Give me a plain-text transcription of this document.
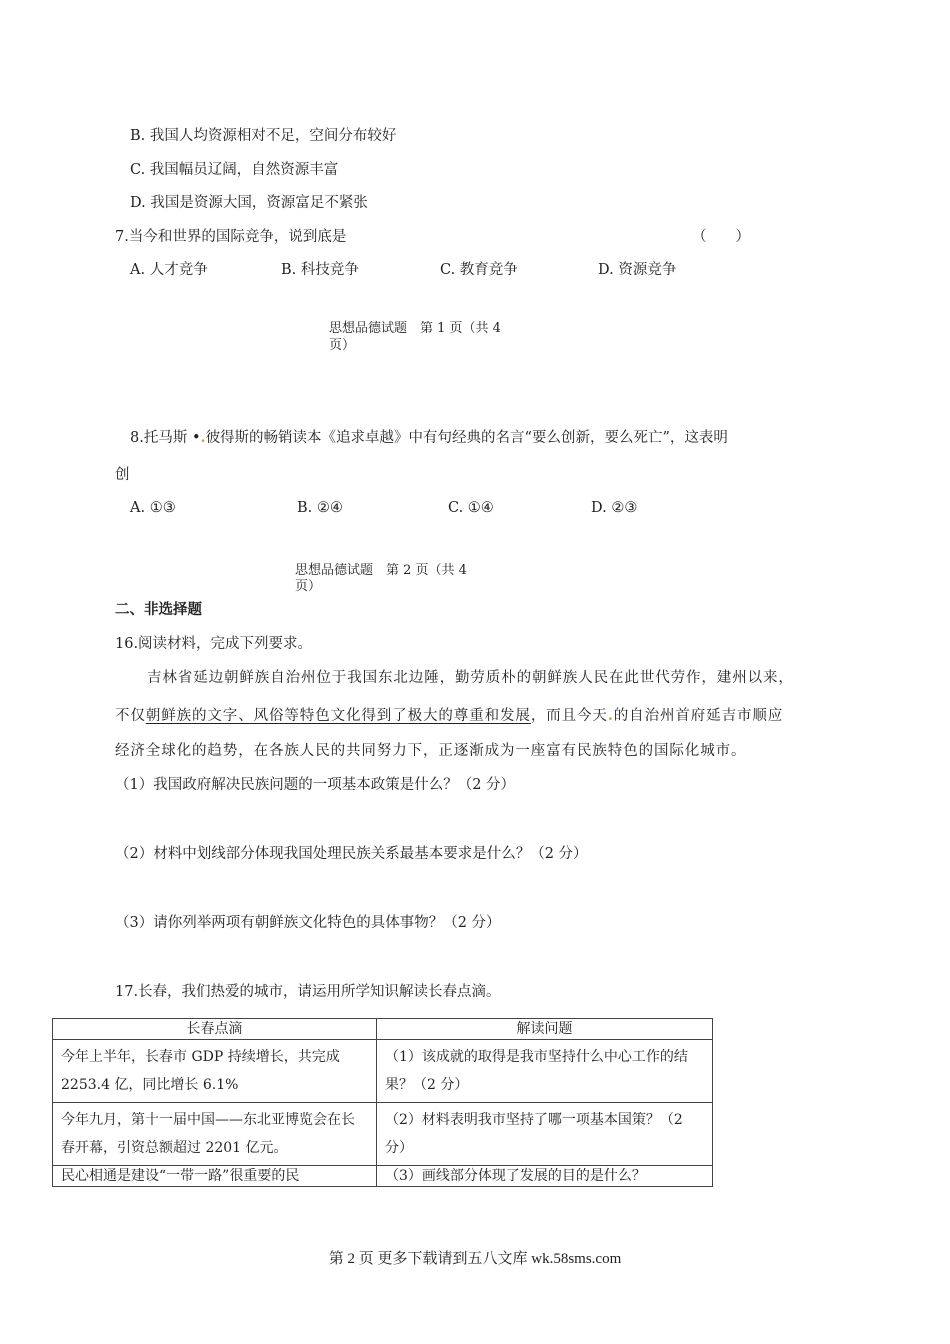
B. 我国人均资源相对不足，空间分布较好
C. 我国幅员辽阔，自然资源丰富
D. 我国是资源大国，资源富足不紧张
7.当今和世界的国际竞争，说到底是	（　　）
A. 人才竞争	B. 科技竞争	C. 教育竞争	D. 资源竞争
思想品德试题　第 1 页（共 4
页）
8.托马斯 •.彼得斯的畅销读本《追求卓越》中有句经典的名言“要么创新，要么死亡”，这表明
创
A. ①③	B. ②④	C. ①④	D. ②③
思想品德试题　第 2 页（共 4
页）
二、非选择题
16.阅读材料，完成下列要求。
吉林省延边朝鲜族自治州位于我国东北边陲，勤劳质朴的朝鲜族人民在此世代劳作，建州以来，
不仅朝鲜族的文字、风俗等特色文化得到了极大的尊重和发展，而且今天.的自治州首府延吉市顺应
经济全球化的趋势，在各族人民的共同努力下，正逐渐成为一座富有民族特色的国际化城市。
（1）我国政府解决民族问题的一项基本政策是什么？（2 分）
（2）材料中划线部分体现我国处理民族关系最基本要求是什么？（2 分）
（3）请你列举两项有朝鲜族文化特色的具体事物？（2 分）
17.长春，我们热爱的城市，请运用所学知识解读长春点滴。
长春点滴	解读问题
今年上半年，长春市 GDP 持续增长，共完成 2253.4 亿，同比增长 6.1%	（1）该成就的取得是我市坚持什么中心工作的结果？（2 分）
今年九月，第十一届中国——东北亚博览会在长春开幕，引资总额超过 2201 亿元。	（2）材料表明我市坚持了哪一项基本国策？（2 分）
民心相通是建设“一带一路”很重要的民	（3）画线部分体现了发展的目的是什么？
第 2 页 更多下载请到五八文库 wk.58sms.com
